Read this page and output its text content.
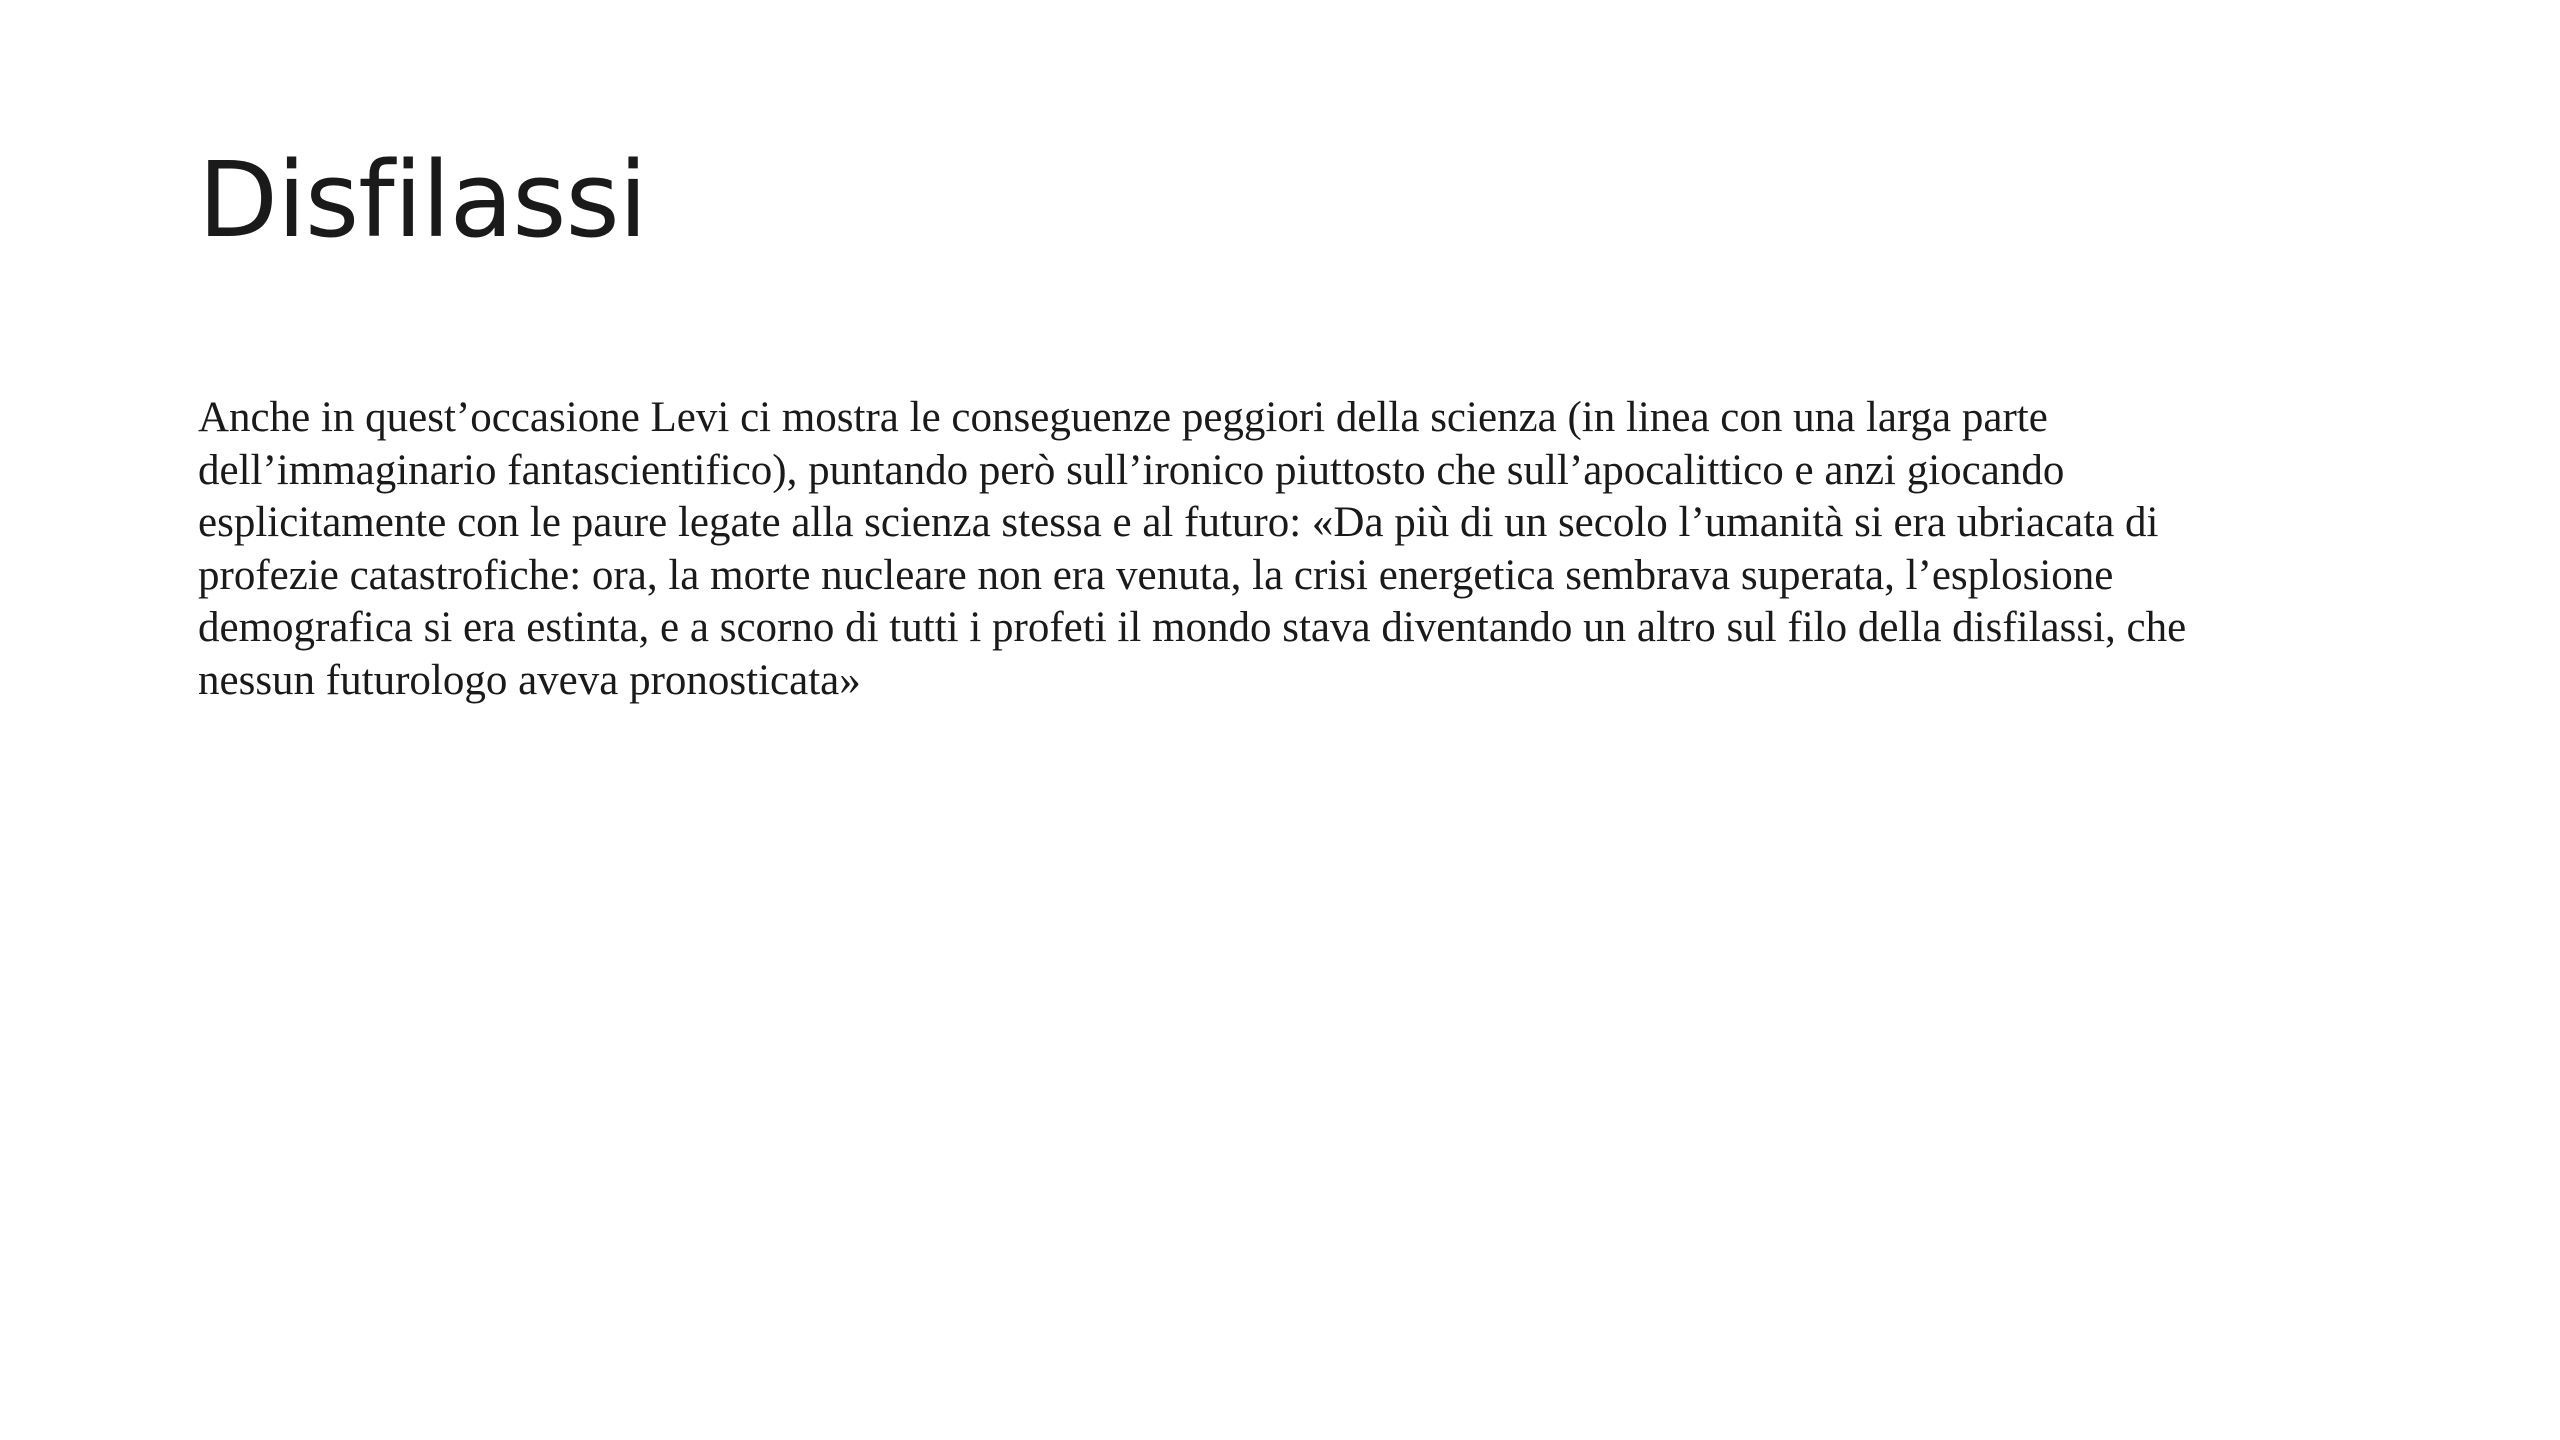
Disfilassi

Anche in quest’occasione Levi ci mostra le conseguenze peggiori della scienza (in linea con una larga parte
dell’immaginario fantascientifico), puntando però sull’ironico piuttosto che sull’apocalittico e anzi giocando
esplicitamente con le paure legate alla scienza stessa e al futuro: «Da più di un secolo l’umanità si era ubriacata di
profezie catastrofiche: ora, la morte nucleare non era venuta, la crisi energetica sembrava superata, l’esplosione
demografica si era estinta, e a scorno di tutti i profeti il mondo stava diventando un altro sul filo della disfilassi, che
nessun futurologo aveva pronosticata»
